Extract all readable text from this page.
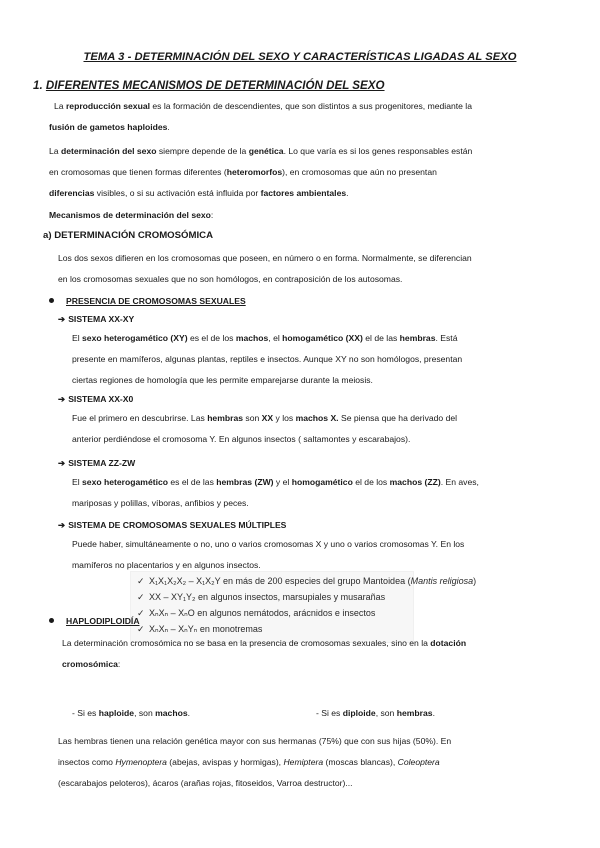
TEMA 3 - DETERMINACIÓN DEL SEXO Y CARACTERÍSTICAS LIGADAS AL SEXO
1. DIFERENTES MECANISMOS DE DETERMINACIÓN DEL SEXO
La reproducción sexual es la formación de descendientes, que son distintos a sus progenitores, mediante la
fusión de gametos haploides.
La determinación del sexo siempre depende de la genética. Lo que varía es si los genes responsables están
en cromosomas que tienen formas diferentes (heteromorfos), en cromosomas que aún no presentan
diferencias visibles, o si su activación está influida por factores ambientales.
Mecanismos de determinación del sexo:
a) DETERMINACIÓN CROMOSÓMICA
Los dos sexos difieren en los cromosomas que poseen, en número o en forma. Normalmente, se diferencian
en los cromosomas sexuales que no son homólogos, en contraposición de los autosomas.
PRESENCIA DE CROMOSOMAS SEXUALES
➔ SISTEMA XX-XY
El sexo heterogamético (XY) es el de los machos, el homogamético (XX) el de las hembras. Está
presente en mamíferos, algunas plantas, reptiles e insectos. Aunque XY no son homólogos, presentan
ciertas regiones de homología que les permite emparejarse durante la meiosis.
➔ SISTEMA XX-X0
Fue el primero en descubrirse. Las hembras son XX y los machos X. Se piensa que ha derivado del
anterior perdiéndose el cromosoma Y. En algunos insectos ( saltamontes y escarabajos).
➔ SISTEMA ZZ-ZW
El sexo heterogamético es el de las hembras (ZW) y el homogamético el de los machos (ZZ). En aves,
mariposas y polillas, víboras, anfibios y peces.
➔ SISTEMA DE CROMOSOMAS SEXUALES MÚLTIPLES
Puede haber, simultáneamente o no, uno o varios cromosomas X y uno o varios cromosomas Y. En los
mamíferos no placentarios y en algunos insectos.
✓ X₁X₁X₂X₂ – X₁X₂Y en más de 200 especies del grupo Mantoidea (Mantis religiosa)
✓ XX – XY₁Y₂ en algunos insectos, marsupiales y musarañas
✓ XₙXₙ – XₙO en algunos nemátodos, arácnidos e insectos
✓ XₙXₙ – XₙYₙ en monotremas
HAPLODIPLOIDÍA
La determinación cromosómica no se basa en la presencia de cromosomas sexuales, sino en la dotación
cromosómica:
- Si es haploide, son machos.	- Si es diploide, son hembras.
Las hembras tienen una relación genética mayor con sus hermanas (75%) que con sus hijas (50%). En
insectos como Hymenoptera (abejas, avispas y hormigas), Hemiptera (moscas blancas), Coleoptera
(escarabajos peloteros), ácaros (arañas rojas, fitoseidos, Varroa destructor)...
